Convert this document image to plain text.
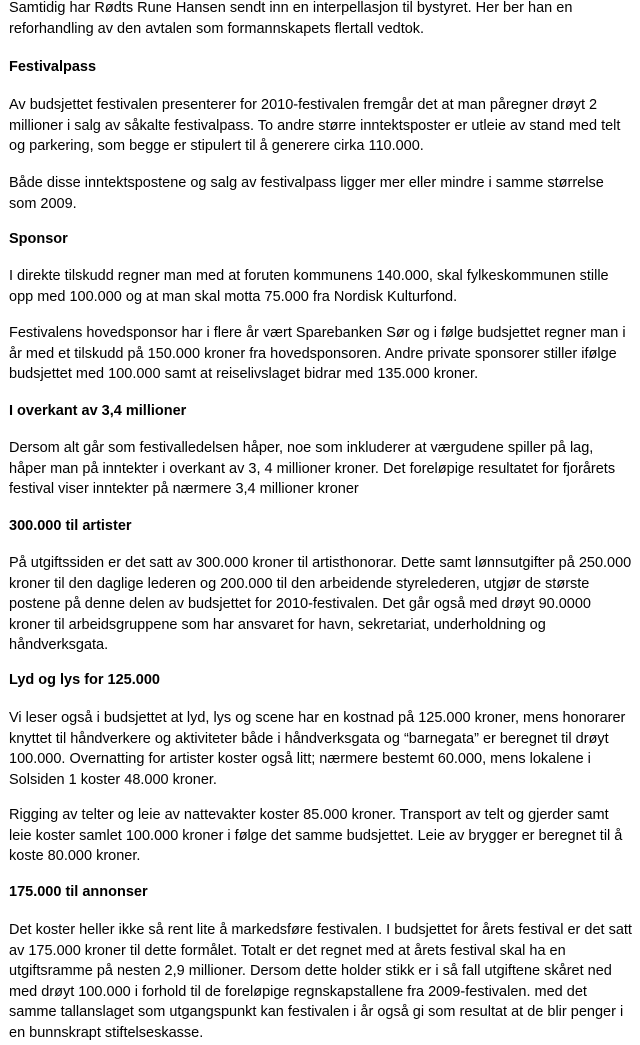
Samtidig har Rødts Rune Hansen sendt inn en interpellasjon til bystyret. Her ber han en
reforhandling av den avtalen som formannskapets flertall vedtok.

Festivalpass

Av budsjettet festivalen presenterer for 2010-festivalen fremgår det at man påregner drøyt 2
millioner i salg av såkalte festivalpass. To andre større inntektsposter er utleie av stand med telt
og parkering, som begge er stipulert til å generere cirka 110.000.

Både disse inntektspostene og salg av festivalpass ligger mer eller mindre i samme størrelse
som 2009.

Sponsor

I direkte tilskudd regner man med at foruten kommunens 140.000, skal fylkeskommunen stille
opp med 100.000 og at man skal motta 75.000 fra Nordisk Kulturfond.

Festivalens hovedsponsor har i flere år vært Sparebanken Sør og i følge budsjettet regner man i
år med et tilskudd på 150.000 kroner fra hovedsponsoren. Andre private sponsorer stiller ifølge
budsjettet med 100.000 samt at reiselivslaget bidrar med 135.000 kroner.

I overkant av 3,4 millioner

Dersom alt går som festivalledelsen håper, noe som inkluderer at værgudene spiller på lag,
håper man på inntekter i overkant av 3, 4 millioner kroner. Det foreløpige resultatet for fjorårets
festival viser inntekter på nærmere 3,4 millioner kroner

300.000 til artister

På utgiftssiden er det satt av 300.000 kroner til artisthonorar. Dette samt lønnsutgifter på 250.000
kroner til den daglige lederen og 200.000 til den arbeidende styrelederen, utgjør de største
postene på denne delen av budsjettet for 2010-festivalen. Det går også med drøyt 90.0000
kroner til arbeidsgruppene som har ansvaret for havn, sekretariat, underholdning og
håndverksgata.

Lyd og lys for 125.000

Vi leser også i budsjettet at lyd, lys og scene har en kostnad på 125.000 kroner, mens honorarer
knyttet til håndverkere og aktiviteter både i håndverksgata og “barnegata” er beregnet til drøyt
100.000. Overnatting for artister koster også litt; nærmere bestemt 60.000, mens lokalene i
Solsiden 1 koster 48.000 kroner.

Rigging av telter og leie av nattevakter koster 85.000 kroner. Transport av telt og gjerder samt
leie koster samlet 100.000 kroner i følge det samme budsjettet. Leie av brygger er beregnet til å
koste 80.000 kroner.

175.000 til annonser

Det koster heller ikke så rent lite å markedsføre festivalen. I budsjettet for årets festival er det satt
av 175.000 kroner til dette formålet. Totalt er det regnet med at årets festival skal ha en
utgiftsramme på nesten 2,9 millioner. Dersom dette holder stikk er i så fall utgiftene skåret ned
med drøyt 100.000 i forhold til de foreløpige regnskapstallene fra 2009-festivalen. med det
samme tallanslaget som utgangspunkt kan festivalen i år også gi som resultat at de blir penger i
en bunnskrapt stiftelseskasse.
